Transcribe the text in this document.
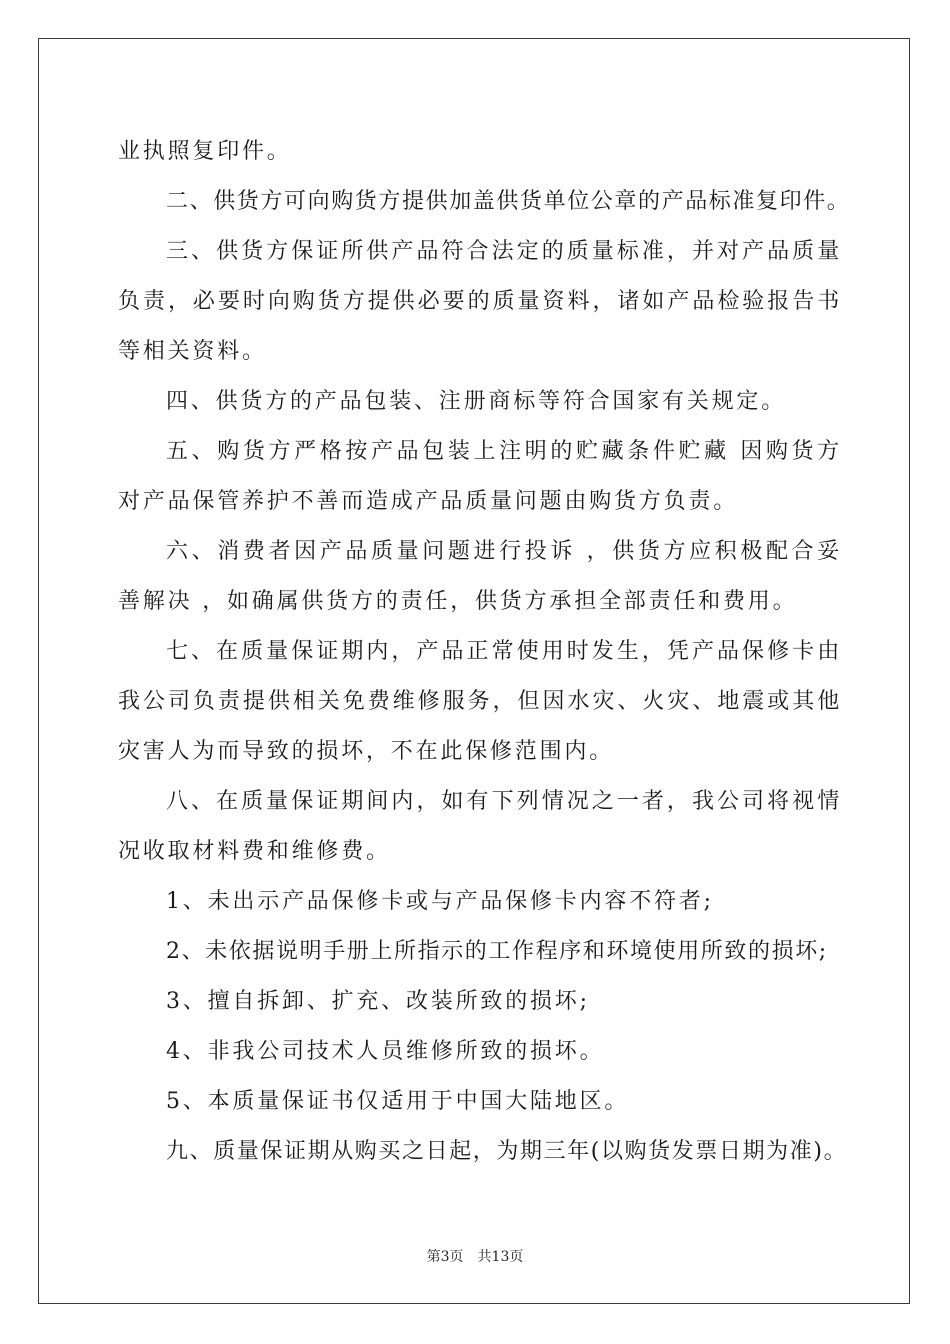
业执照复印件。

二、供货方可向购货方提供加盖供货单位公章的产品标准复印件。

三、供货方保证所供产品符合法定的质量标准，并对产品质量负责，必要时向购货方提供必要的质量资料，诸如产品检验报告书等相关资料。

四、供货方的产品包装、注册商标等符合国家有关规定。

五、购货方严格按产品包装上注明的贮藏条件贮藏 因购货方对产品保管养护不善而造成产品质量问题由购货方负责。

六、消费者因产品质量问题进行投诉 ，供货方应积极配合妥善解决 ，如确属供货方的责任，供货方承担全部责任和费用。

七、在质量保证期内，产品正常使用时发生，凭产品保修卡由我公司负责提供相关免费维修服务，但因水灾、火灾、地震或其他灾害人为而导致的损坏，不在此保修范围内。

八、在质量保证期间内，如有下列情况之一者，我公司将视情况收取材料费和维修费。

1、未出示产品保修卡或与产品保修卡内容不符者;

2、未依据说明手册上所指示的工作程序和环境使用所致的损坏;

3、擅自拆卸、扩充、改装所致的损坏;

4、非我公司技术人员维修所致的损坏。

5、本质量保证书仅适用于中国大陆地区。

九、质量保证期从购买之日起，为期三年(以购货发票日期为准)。

第3页 共13页
